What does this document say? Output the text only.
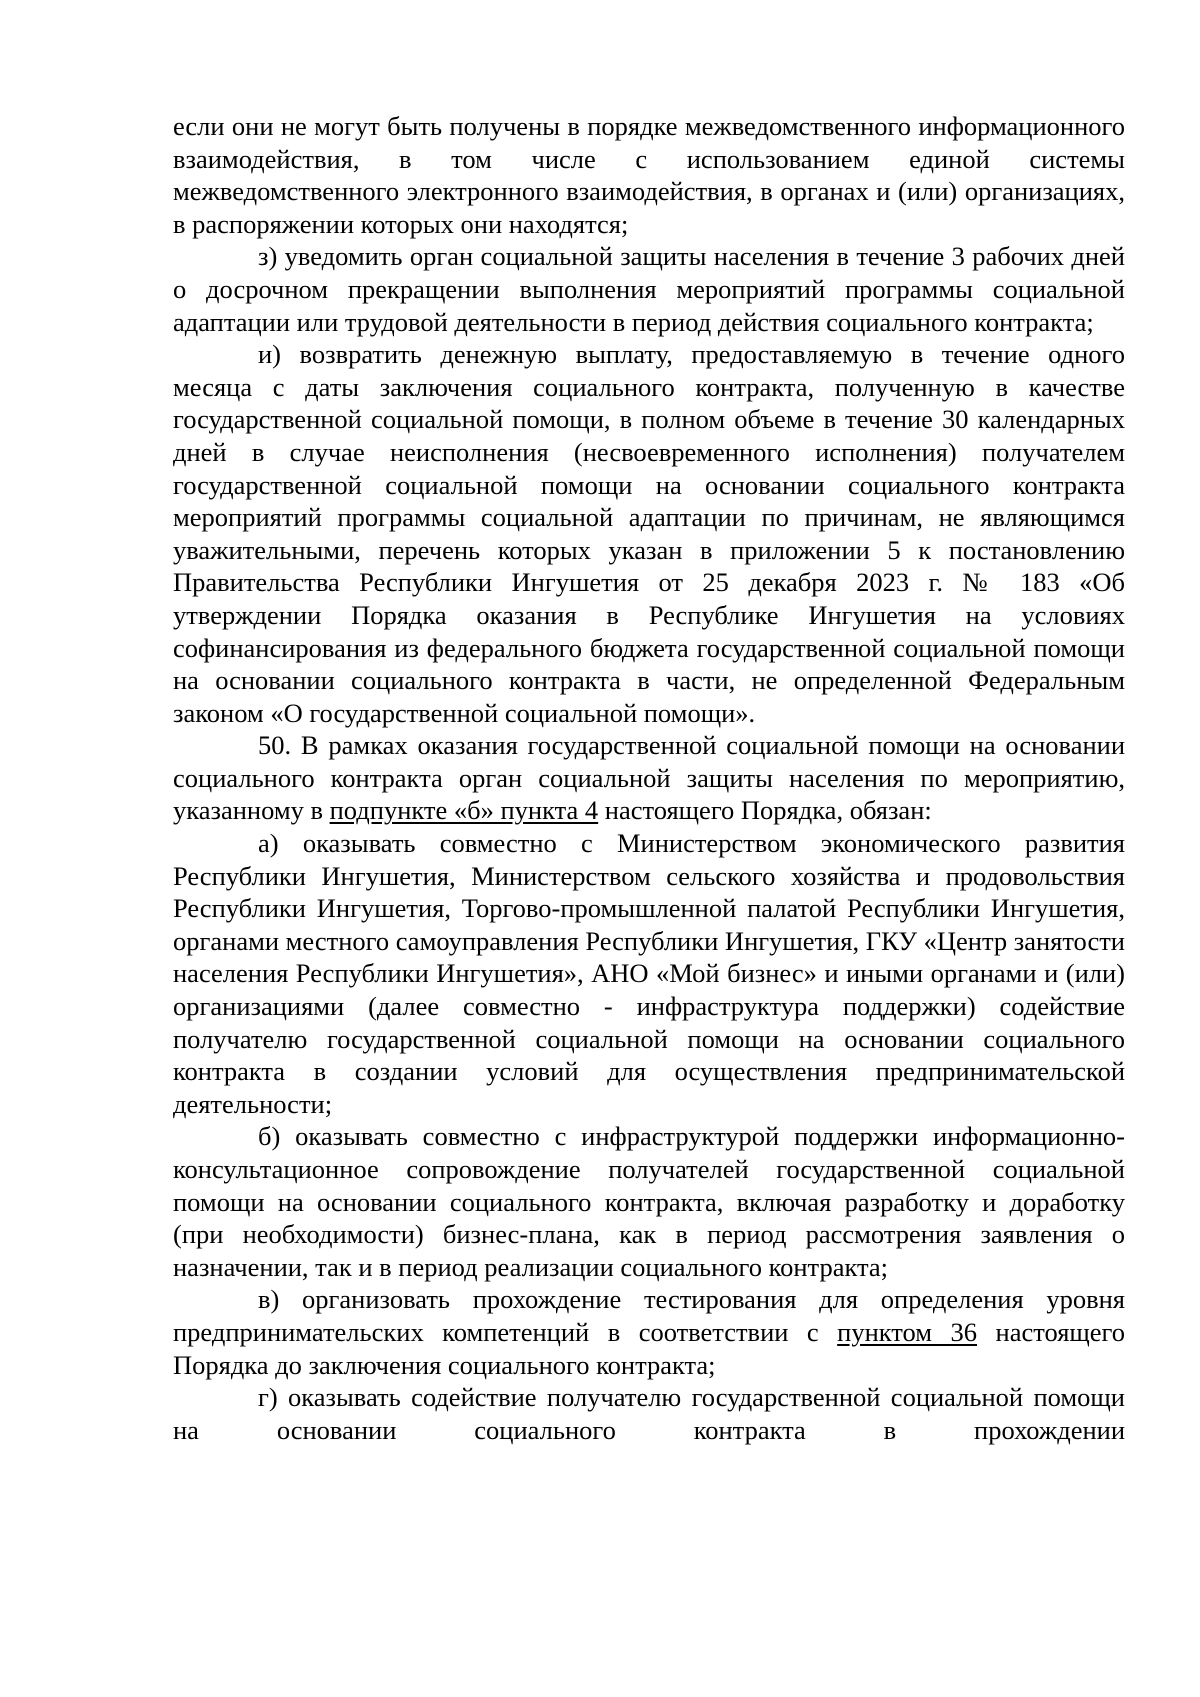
если они не могут быть получены в порядке межведомственного информационного взаимодействия, в том числе с использованием единой системы межведомственного электронного взаимодействия, в органах и (или) организациях, в распоряжении которых они находятся;

з) уведомить орган социальной защиты населения в течение 3 рабочих дней о досрочном прекращении выполнения мероприятий программы социальной адаптации или трудовой деятельности в период действия социального контракта;

и) возвратить денежную выплату, предоставляемую в течение одного месяца с даты заключения социального контракта, полученную в качестве государственной социальной помощи, в полном объеме в течение 30 календарных дней в случае неисполнения (несвоевременного исполнения) получателем государственной социальной помощи на основании социального контракта мероприятий программы социальной адаптации по причинам, не являющимся уважительными, перечень которых указан в приложении 5 к постановлению Правительства Республики Ингушетия от 25 декабря 2023 г. № 183 «Об утверждении Порядка оказания в Республике Ингушетия на условиях софинансирования из федерального бюджета государственной социальной помощи на основании социального контракта в части, не определенной Федеральным законом «О государственной социальной помощи».

50. В рамках оказания государственной социальной помощи на основании социального контракта орган социальной защиты населения по мероприятию, указанному в подпункте «б» пункта 4 настоящего Порядка, обязан:

а) оказывать совместно с Министерством экономического развития Республики Ингушетия, Министерством сельского хозяйства и продовольствия Республики Ингушетия, Торгово-промышленной палатой Республики Ингушетия, органами местного самоуправления Республики Ингушетия, ГКУ «Центр занятости населения Республики Ингушетия», АНО «Мой бизнес» и иными органами и (или) организациями (далее совместно - инфраструктура поддержки) содействие получателю государственной социальной помощи на основании социального контракта в создании условий для осуществления предпринимательской деятельности;

б) оказывать совместно с инфраструктурой поддержки информационно-консультационное сопровождение получателей государственной социальной помощи на основании социального контракта, включая разработку и доработку (при необходимости) бизнес-плана, как в период рассмотрения заявления о назначении, так и в период реализации социального контракта;

в) организовать прохождение тестирования для определения уровня предпринимательских компетенций в соответствии с пунктом 36 настоящего Порядка до заключения социального контракта;

г) оказывать содействие получателю государственной социальной помощи на основании социального контракта в прохождении
